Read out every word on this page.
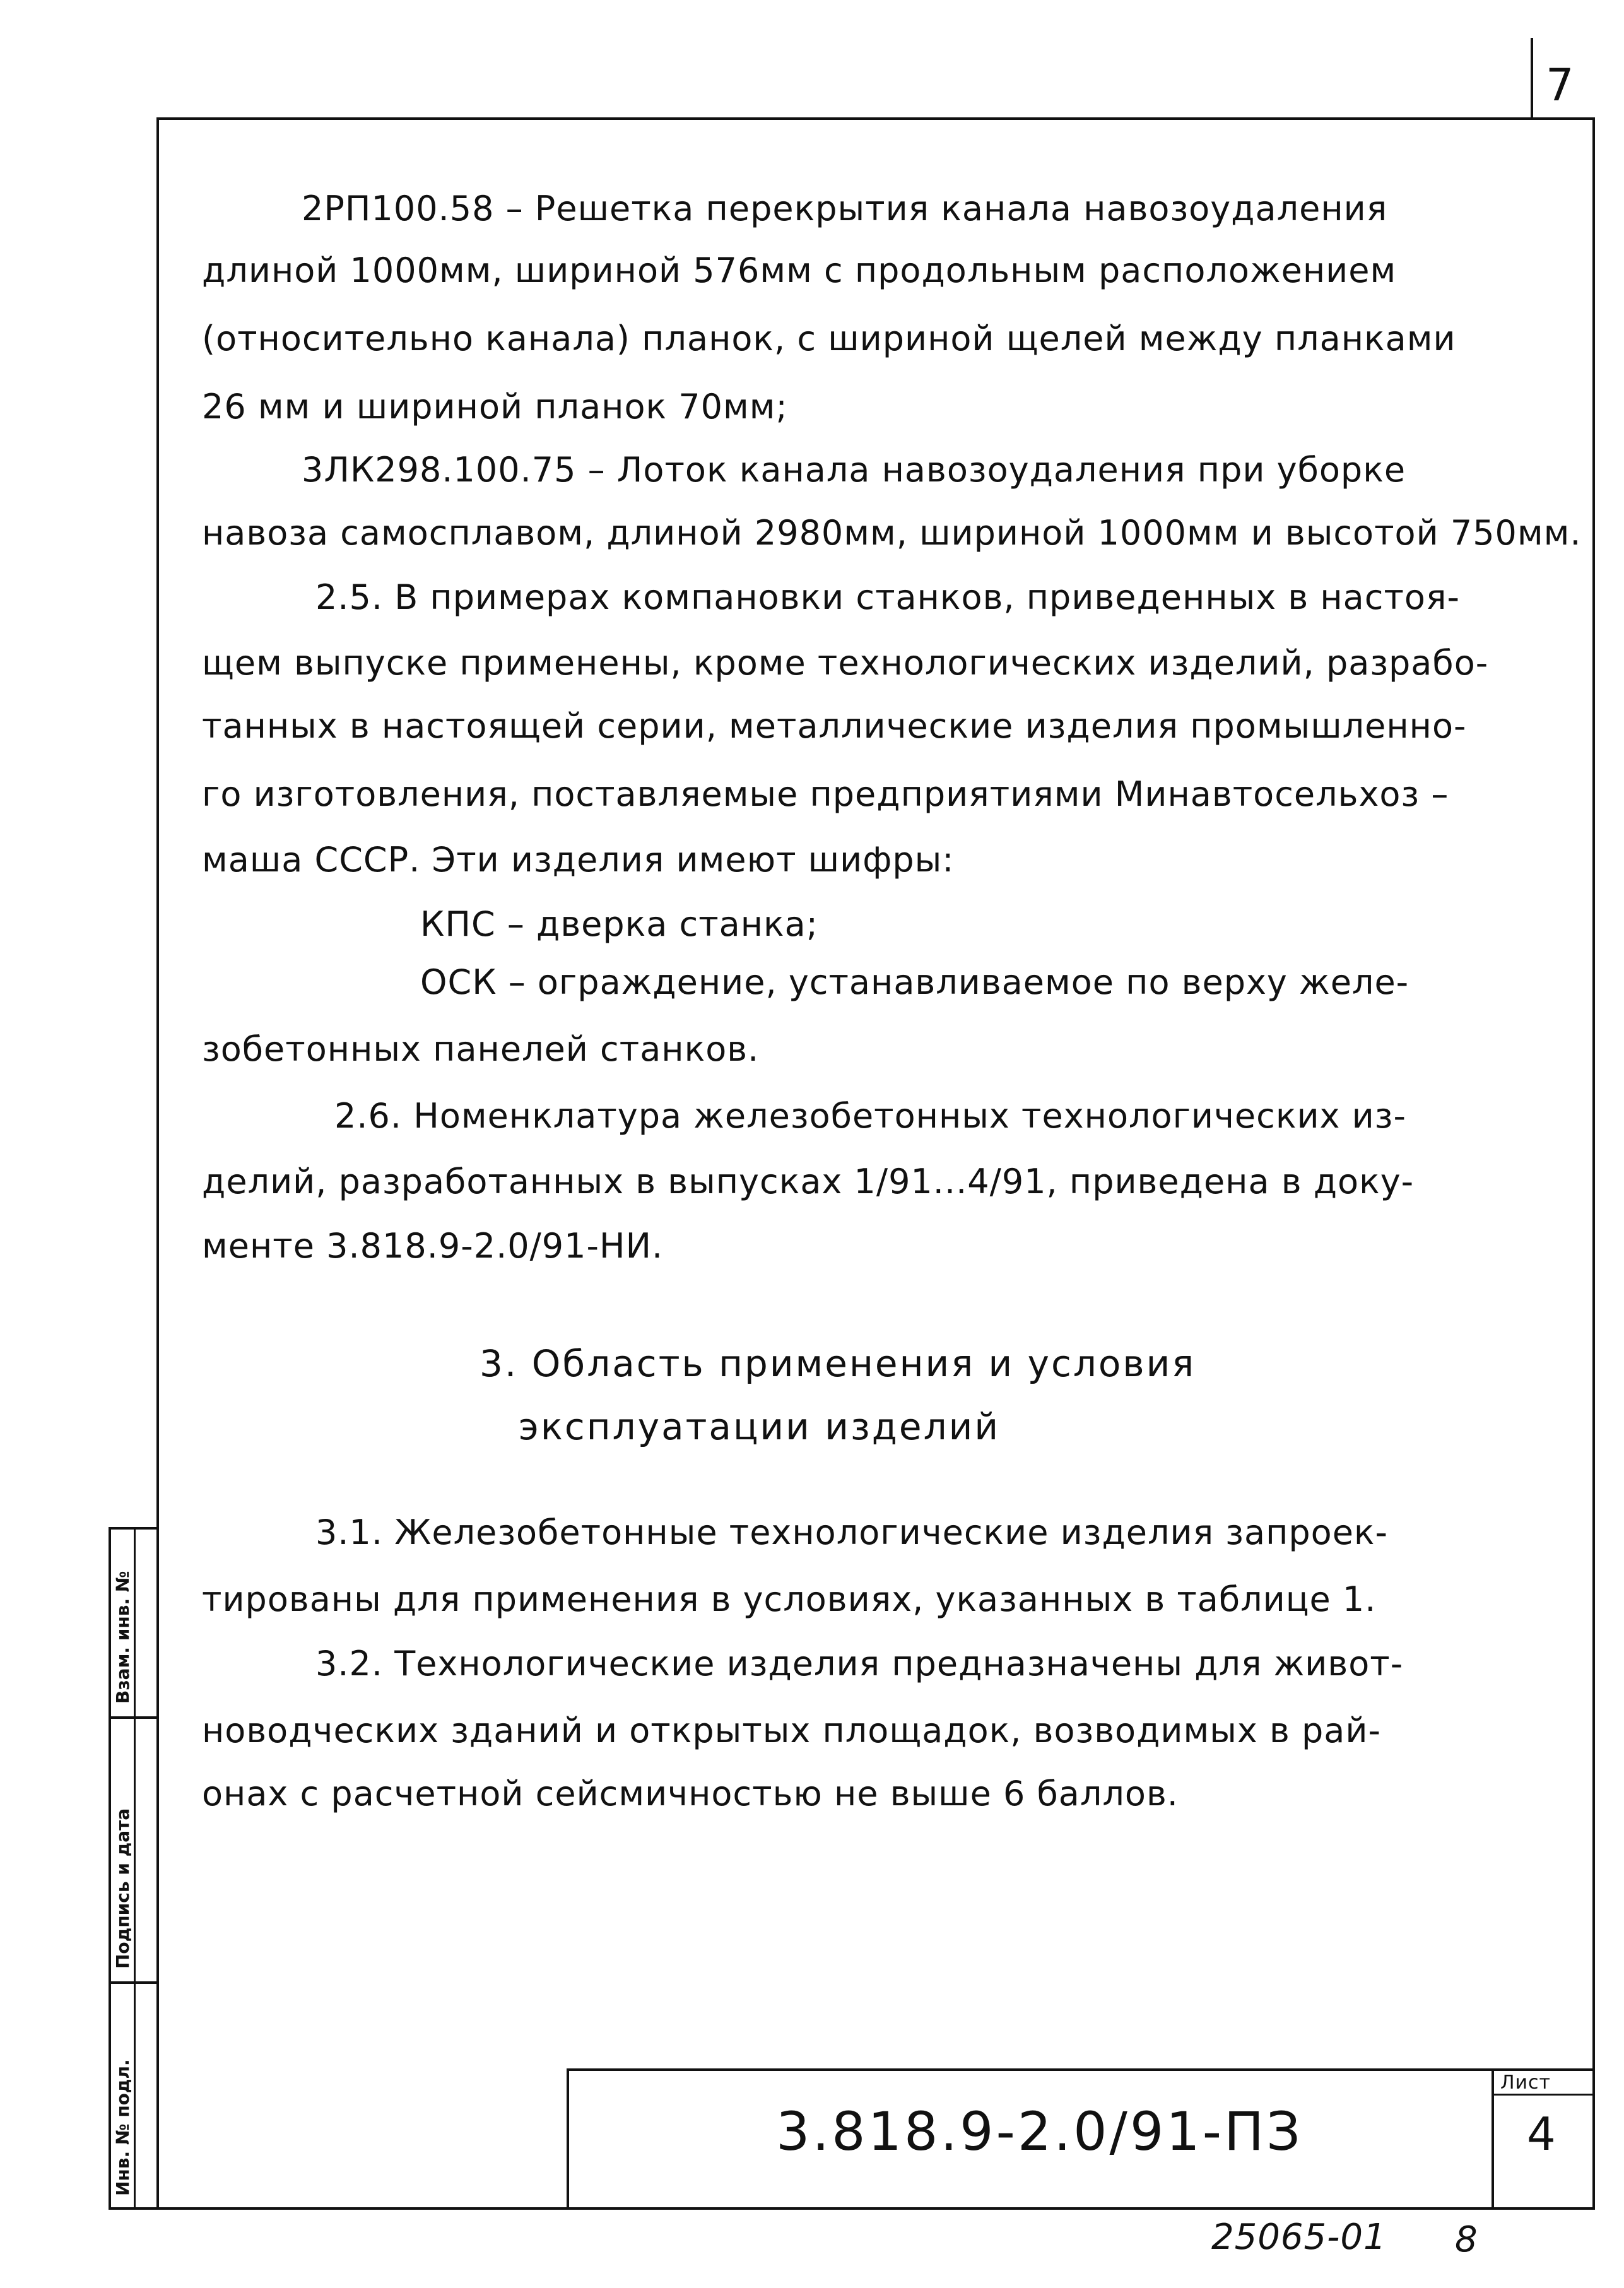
7
2РП100.58 – Решетка перекрытия канала навозоудаления
длиной 1000мм, шириной 576мм с продольным расположением
(относительно канала) планок, с шириной щелей между планками
26 мм и шириной планок 70мм;
3ЛК298.100.75 – Лоток канала навозоудаления при уборке
навоза самосплавом, длиной 2980мм, шириной 1000мм и высотой 750мм.
2.5. В примерах компановки станков, приведенных в настоя-
щем выпуске применены, кроме технологических изделий, разрабо-
танных в настоящей серии, металлические изделия промышленно-
го изготовления, поставляемые предприятиями Минавтосельхоз –
маша СССР. Эти изделия имеют шифры:
КПС – дверка станка;
ОСК – ограждение, устанавливаемое по верху желе-
зобетонных панелей станков.
2.6. Номенклатура железобетонных технологических из-
делий, разработанных в выпусках 1/91...4/91, приведена в доку-
менте 3.818.9-2.0/91-НИ.
3. Область применения и условия
эксплуатации изделий
3.1. Железобетонные технологические изделия запроек-
тированы для применения в условиях, указанных в таблице 1.
3.2. Технологические изделия предназначены для живот-
новодческих зданий и открытых площадок, возводимых в рай-
онах с расчетной сейсмичностью не выше 6 баллов.
Взам. инв. №
Подпись и дата
Инв. № подл.	3.818.9-2.0/91-ПЗ
Лист
4
25065-01 8
